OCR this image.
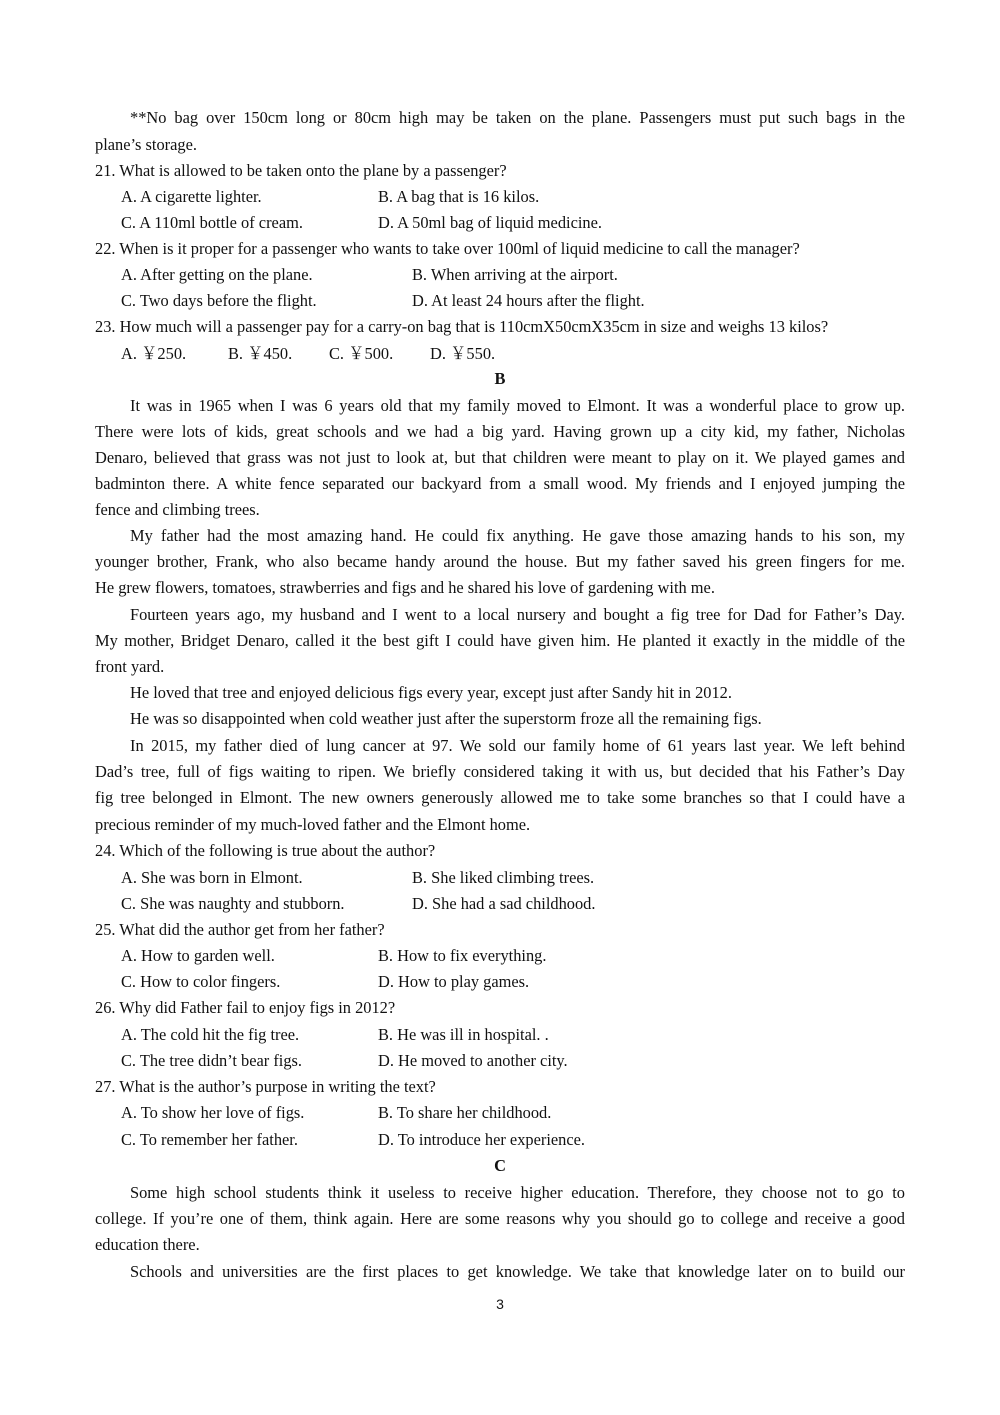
**No bag over 150cm long or 80cm high may be taken on the plane. Passengers must put such bags in the
plane’s storage.
21. What is allowed to be taken onto the plane by a passenger?
A. A cigarette lighter.	B. A bag that is 16 kilos.
C. A 110ml bottle of cream.	D. A 50ml bag of liquid medicine.
22. When is it proper for a passenger who wants to take over 100ml of liquid medicine to call the manager?
A. After getting on the plane.	B. When arriving at the airport.
C. Two days before the flight.	D. At least 24 hours after the flight.
23. How much will a passenger pay for a carry-on bag that is 110cmX50cmX35cm in size and weighs 13 kilos?
A. ￥250.	B. ￥450. C. ￥500. D. ￥550.
B
It was in 1965 when I was 6 years old that my family moved to Elmont. It was a wonderful place to grow up.
There were lots of kids, great schools and we had a big yard. Having grown up a city kid, my father, Nicholas
Denaro, believed that grass was not just to look at, but that children were meant to play on it. We played games and
badminton there. A white fence separated our backyard from a small wood. My friends and I enjoyed jumping the
fence and climbing trees.
My father had the most amazing hand. He could fix anything. He gave those amazing hands to his son, my
younger brother, Frank, who also became handy around the house. But my father saved his green fingers for me.
He grew flowers, tomatoes, strawberries and figs and he shared his love of gardening with me.
Fourteen years ago, my husband and I went to a local nursery and bought a fig tree for Dad for Father’s Day.
My mother, Bridget Denaro, called it the best gift I could have given him. He planted it exactly in the middle of the
front yard.
He loved that tree and enjoyed delicious figs every year, except just after Sandy hit in 2012.
He was so disappointed when cold weather just after the superstorm froze all the remaining figs.
In 2015, my father died of lung cancer at 97. We sold our family home of 61 years last year. We left behind
Dad’s tree, full of figs waiting to ripen. We briefly considered taking it with us, but decided that his Father’s Day
fig tree belonged in Elmont. The new owners generously allowed me to take some branches so that I could have a
precious reminder of my much-loved father and the Elmont home.
24. Which of the following is true about the author?
A. She was born in Elmont.	B. She liked climbing trees.
C. She was naughty and stubborn.	D. She had a sad childhood.
25. What did the author get from her father?
A. How to garden well.	B. How to fix everything.
C. How to color fingers.	D. How to play games.
26. Why did Father fail to enjoy figs in 2012?
A. The cold hit the fig tree.	B. He was ill in hospital. .
C. The tree didn’t bear figs.	D. He moved to another city.
27. What is the author’s purpose in writing the text?
A. To show her love of figs.	B. To share her childhood.
C. To remember her father.	D. To introduce her experience.
C
Some high school students think it useless to receive higher education. Therefore, they choose not to go to
college. If you’re one of them, think again. Here are some reasons why you should go to college and receive a good
education there.
Schools and universities are the first places to get knowledge. We take that knowledge later on to build our
3
